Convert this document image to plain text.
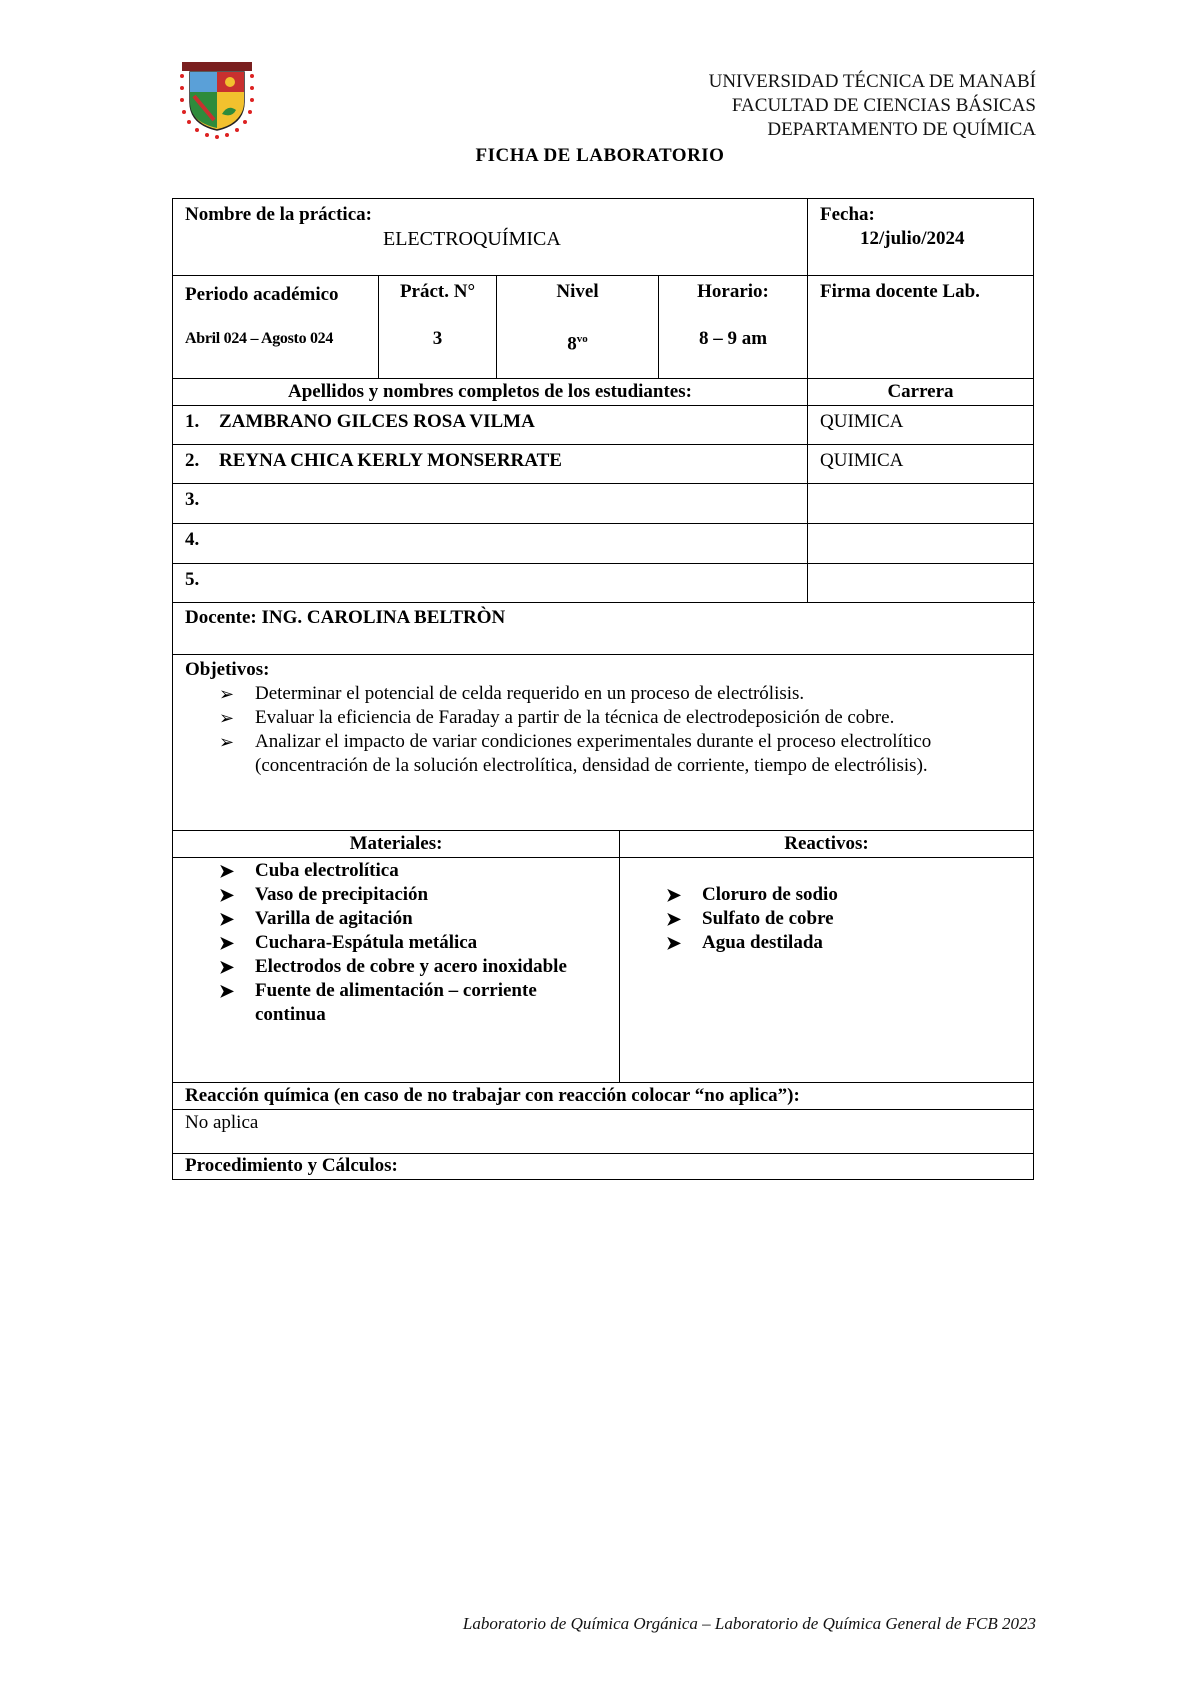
UNIVERSIDAD TÉCNICA DE MANABÍ
FACULTAD DE CIENCIAS BÁSICAS
DEPARTAMENTO DE QUÍMICA
FICHA DE LABORATORIO
Nombre de la práctica:
ELECTROQUÍMICA
Fecha:
12/julio/2024
Periodo académico
Abril 024 – Agosto 024
Práct. N°
3
Nivel
$8^{vo}$
Horario:
8 – 9 am
Firma docente Lab.
Apellidos y nombres completos de los estudiantes:	Carrera
1.	ZAMBRANO GILCES ROSA VILMA	QUIMICA
2.	REYNA CHICA KERLY MONSERRATE	QUIMICA
3.
4.
5.
Docente: ING. CAROLINA BELTRÒN
Objetivos:
➢	Determinar el potencial de celda requerido en un proceso de electrólisis.
➢	Evaluar la eficiencia de Faraday a partir de la técnica de electrodeposición de cobre.
➢	Analizar el impacto de variar condiciones experimentales durante el proceso electrolítico (concentración de la solución electrolítica, densidad de corriente, tiempo de electrólisis).
Materiales:	Reactivos:
➤	Cuba electrolítica
➤	Vaso de precipitación
➤	Varilla de agitación
➤	Cuchara-Espátula metálica
➤	Electrodos de cobre y acero inoxidable
➤	Fuente de alimentación – corriente continua
➤	Cloruro de sodio
➤	Sulfato de cobre
➤	Agua destilada
Reacción química (en caso de no trabajar con reacción colocar “no aplica”):
No aplica
Procedimiento y Cálculos:
Laboratorio de Química Orgánica – Laboratorio de Química General de FCB 2023
